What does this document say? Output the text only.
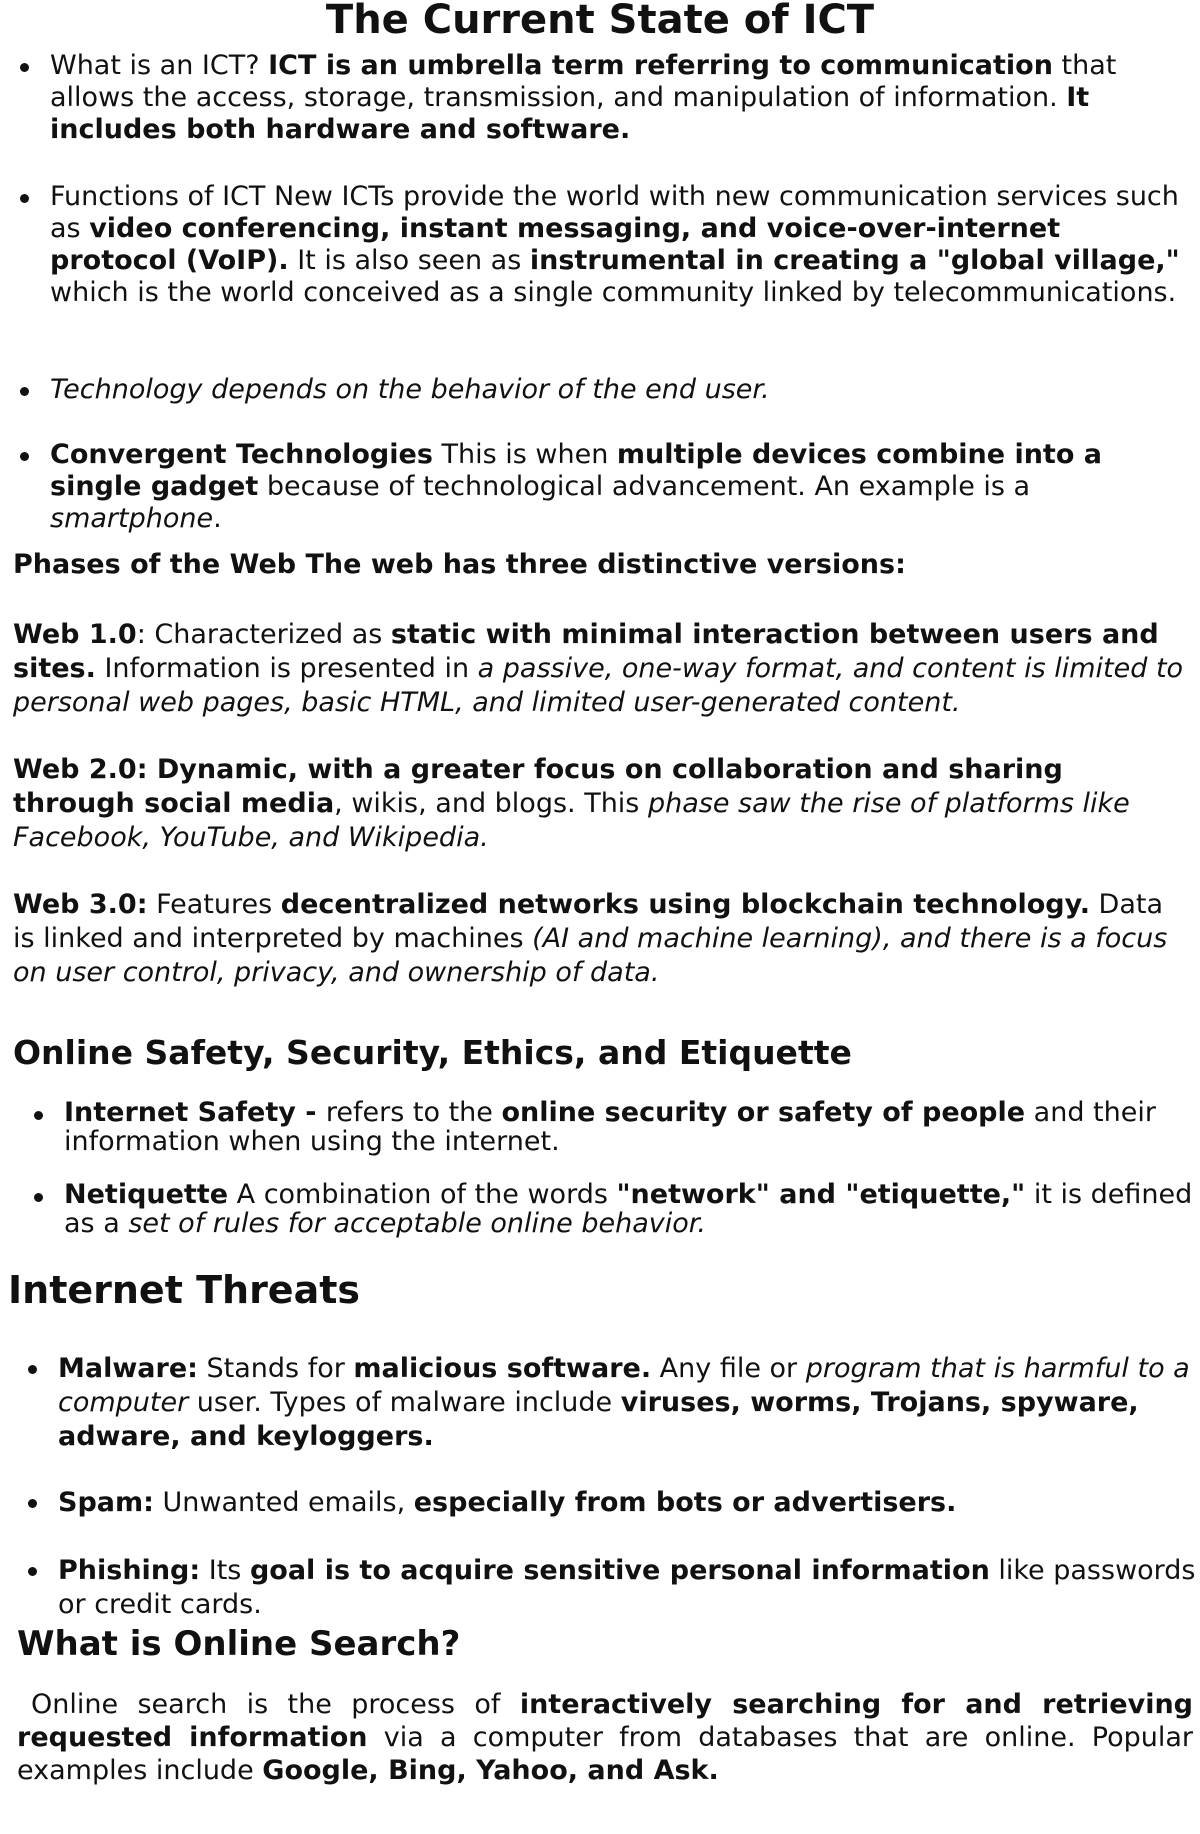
The Current State of ICT
What is an ICT? ICT is an umbrella term referring to communication that allows the access, storage, transmission, and manipulation of information. It includes both hardware and software.
Functions of ICT New ICTs provide the world with new communication services such as video conferencing, instant messaging, and voice-over-internet protocol (VoIP). It is also seen as instrumental in creating a "global village," which is the world conceived as a single community linked by telecommunications.
Technology depends on the behavior of the end user.
Convergent Technologies This is when multiple devices combine into a single gadget because of technological advancement. An example is a smartphone.

Phases of the Web The web has three distinctive versions:

Web 1.0: Characterized as static with minimal interaction between users and sites. Information is presented in a passive, one-way format, and content is limited to personal web pages, basic HTML, and limited user-generated content.

Web 2.0: Dynamic, with a greater focus on collaboration and sharing through social media, wikis, and blogs. This phase saw the rise of platforms like Facebook, YouTube, and Wikipedia.

Web 3.0: Features decentralized networks using blockchain technology. Data is linked and interpreted by machines (AI and machine learning), and there is a focus on user control, privacy, and ownership of data.

Online Safety, Security, Ethics, and Etiquette

Internet Safety - refers to the online security or safety of people and their information when using the internet.
Netiquette A combination of the words "network" and "etiquette," it is defined as a set of rules for acceptable online behavior.

Internet Threats

Malware: Stands for malicious software. Any file or program that is harmful to a computer user. Types of malware include viruses, worms, Trojans, spyware, adware, and keyloggers.
Spam: Unwanted emails, especially from bots or advertisers.
Phishing: Its goal is to acquire sensitive personal information like passwords or credit cards.

What is Online Search?

Online search is the process of interactively searching for and retrieving requested information via a computer from databases that are online. Popular examples include Google, Bing, Yahoo, and Ask.
